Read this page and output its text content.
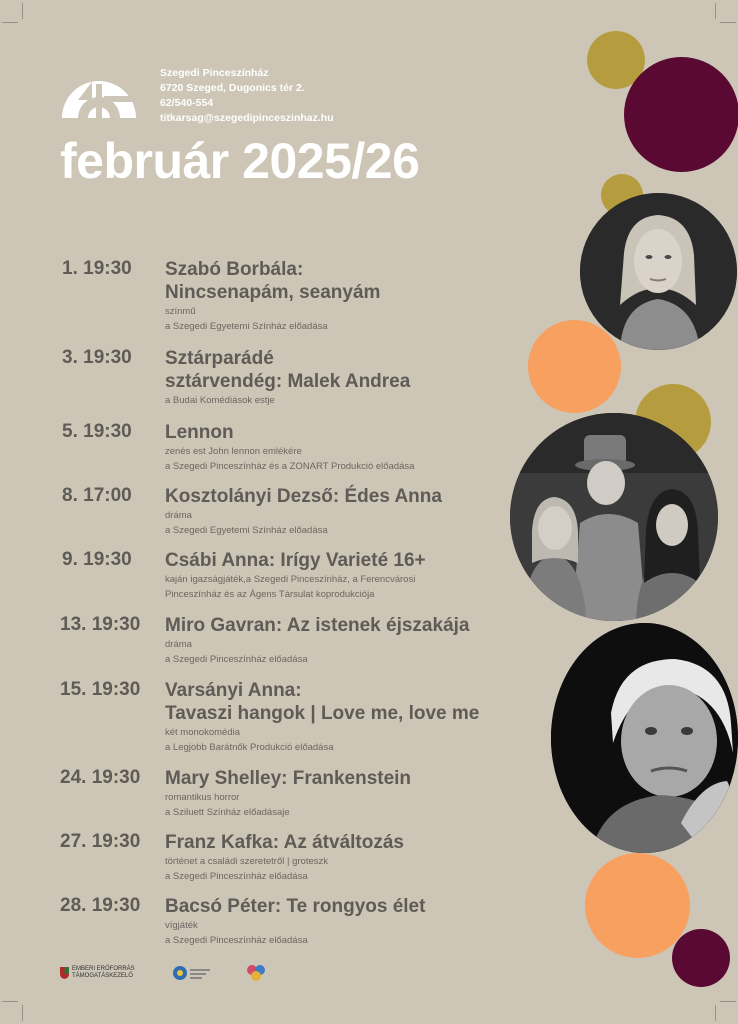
Szegedi Pinceszínház
6720 Szeged, Dugonics tér 2.
62/540-554
titkarsag@szegedipinceszinhaz.hu
február 2025/26
1. 19:30 Szabó Borbála:
Nincsenapám, seanyám
színmű
a Szegedi Egyetemi Színház előadása
3. 19:30 Sztárparádé
sztárvendég: Malek Andrea
a Budai Komédiások estje
5. 19:30 Lennon
zenés est John lennon emlékére
a Szegedi Pinceszínház és a ZONART Produkció előadása
8. 17:00 Kosztolányi Dezső: Édes Anna
dráma
a Szegedi Egyetemi Színház előadása
9. 19:30 Csábi Anna: Irígy Varieté 16+
kaján igazságjáték,a Szegedi Pinceszínház, a Ferencvárosi
Pinceszínház és az Ágens Társulat koprodukciója
13. 19:30 Miro Gavran: Az istenek éjszakája
dráma
a Szegedi Pinceszínház előadása
15. 19:30 Varsányi Anna:
Tavaszi hangok | Love me, love me
két monokomédia
a Legjobb Barátnők Produkció előadása
24. 19:30 Mary Shelley: Frankenstein
romantikus horror
a Sziluett Színház előadásaje
27. 19:30 Franz Kafka: Az átváltozás
történet a családi szeretetről | groteszk
a Szegedi Pinceszínház előadása
28. 19:30 Bacsó Péter: Te rongyos élet
vígjáték
a Szegedi Pinceszínház előadása
EMBERI ERŐFORRÁS
TÁMOGATÁSKEZELŐ
